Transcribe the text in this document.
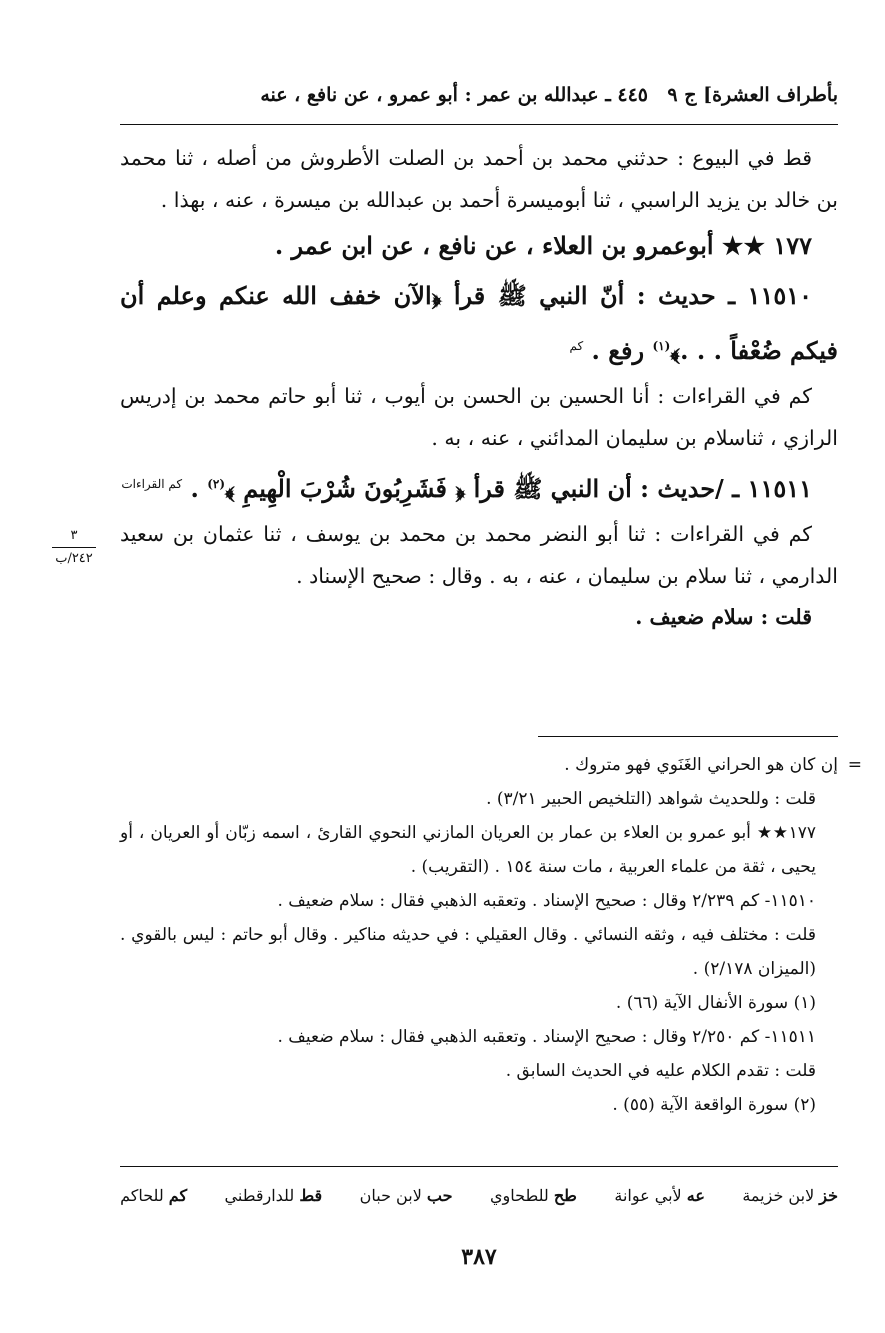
بأطراف العشرة] ج ٩
٤٤٥ ـ عبدالله بن عمر : أبو عمرو ، عن نافع ، عنه

قط في البيوع : حدثني محمد بن أحمد بن الصلت الأطروش من أصله ، ثنا محمد بن خالد بن يزيد الراسبي ، ثنا أبوميسرة أحمد بن عبدالله بن ميسرة ، عنه ، بهذا .

١٧٧ ★★ أبوعمرو بن العلاء ، عن نافع ، عن ابن عمر .

١١٥١٠ ـ حديث : أنّ النبي ﷺ قرأ ﴿الآن خفف الله عنكم وعلم أن فيكم ضُعْفاً . . .﴾$^{(١)}$ رفع . $^{كم}$

كم في القراءات : أنا الحسين بن الحسن بن أيوب ، ثنا أبو حاتم محمد بن إدريس الرازي ، ثناسلام بن سليمان المدائني ، عنه ، به .

١١٥١١ ـ /حديث : أن النبي ﷺ قرأ ﴿ فَشَرِبُونَ شُرْبَ الْهِيمِ ﴾$^{(٢)}$ . $^{كم القراءات}$

كم في القراءات : ثنا أبو النضر محمد بن محمد بن يوسف ، ثنا عثمان بن سعيد الدارمي ، ثنا سلام بن سليمان ، عنه ، به . وقال : صحيح الإسناد .

قلت : سلام ضعيف .

=

إن كان هو الحراني الغَنَوي فهو متروك .

قلت : وللحديث شواهد (التلخيص الحبير ٣/٢١) .

١٧٧★★ أبو عمرو بن العلاء بن عمار بن العريان المازني النحوي القارئ ، اسمه زبّان أو العريان ، أو يحيى ، ثقة من علماء العربية ، مات سنة ١٥٤ . (التقريب) .

١١٥١٠- كم ٢/٢٣٩ وقال : صحيح الإسناد . وتعقبه الذهبي فقال : سلام ضعيف .

قلت : مختلف فيه ، وثقه النسائي . وقال العقيلي : في حديثه مناكير . وقال أبو حاتم : ليس بالقوي . (الميزان ٢/١٧٨) .

(١) سورة الأنفال الآية (٦٦) .

١١٥١١- كم ٢/٢٥٠ وقال : صحيح الإسناد . وتعقبه الذهبي فقال : سلام ضعيف .

قلت : تقدم الكلام عليه في الحديث السابق .

(٢) سورة الواقعة الآية (٥٥) .

خز لابن خزيمة
عه لأبي عوانة
طح للطحاوي
حب لابن حبان
قط للدارقطني
كم للحاكم
٣٨٧
٣
٢٤٢/ب
